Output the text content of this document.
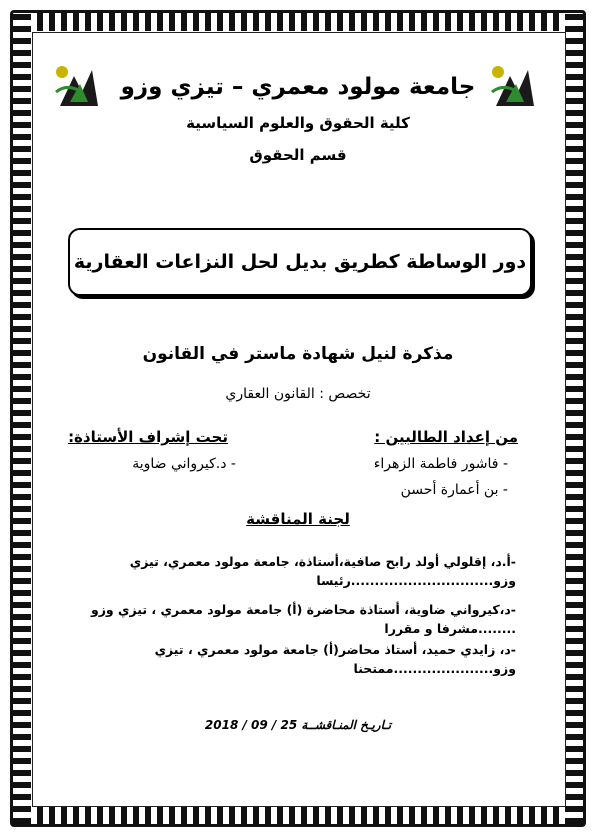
جامعة مولود معمري – تيزي وزو
كلية الحقوق والعلوم السياسية
قسم الحقوق
دور الوساطة كطريق بديل لحل النزاعات العقارية
مذكرة لنيل شهادة ماستر في القانون
تخصص : القانون العقاري
من إعداد الطالبين :
- فاشور فاطمة الزهراء
- بن أعمارة أحسن
تحت إشراف الأستاذة:
- د.كيرواني ضاوية
لجنة المناقشة
-أ.د، إقلولي أولد رابح صافية،أستاذة، جامعة مولود معمري، تيزي
وزو..............................رئيسا
-د،كيرواني ضاوية، أستاذة محاضرة (أ) جامعة مولود معمري ، تيزي وزو
........مشرفا و مقررا
-د، زايدي حميد، أستاذ محاضر(أ) جامعة مولود معمري ، تيزي
وزو.....................ممتحنا
تـاريـخ المنـاقشــة 25 / 09 / 2018
